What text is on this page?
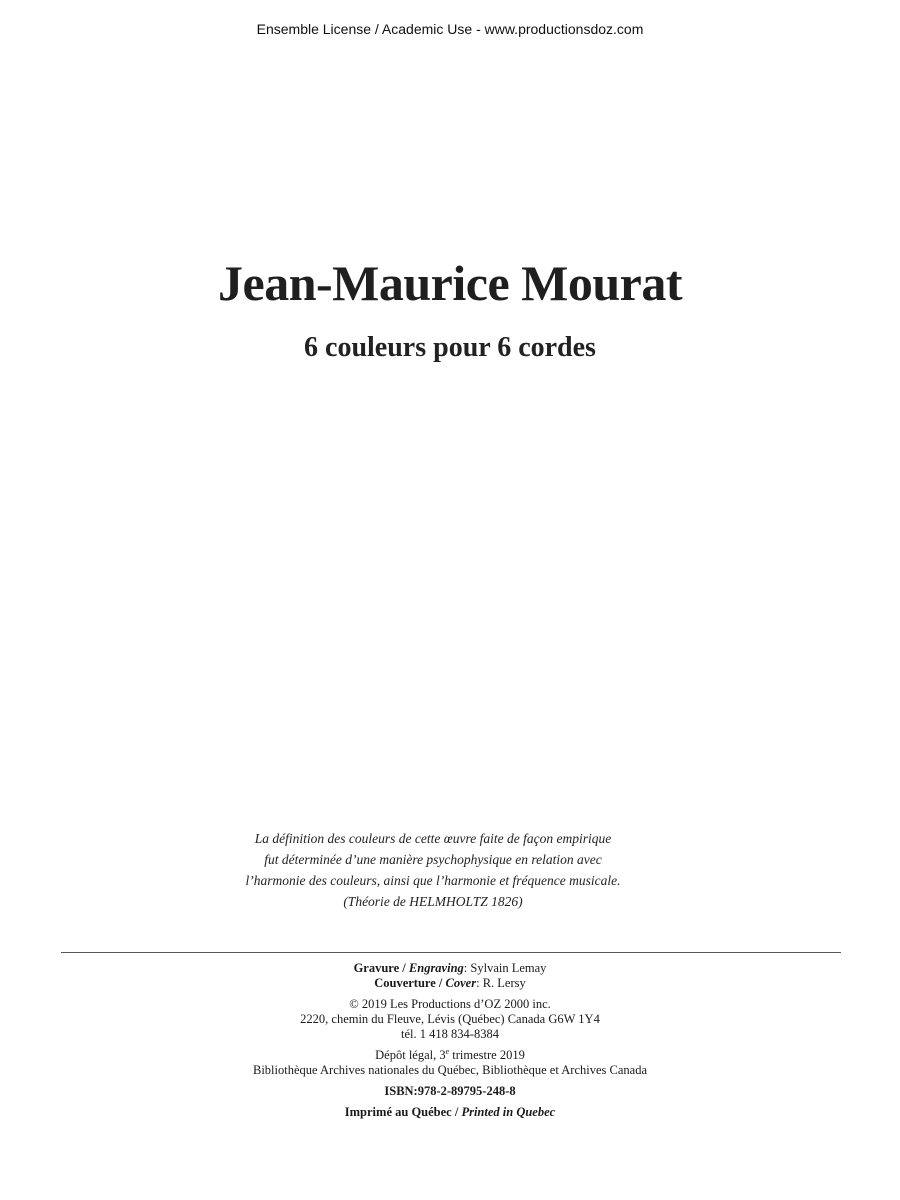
Ensemble License / Academic Use - www.productionsdoz.com
Jean-Maurice Mourat
6 couleurs pour 6 cordes
La définition des couleurs de cette œuvre faite de façon empirique
fut déterminée d’une manière psychophysique en relation avec
l’harmonie des couleurs, ainsi que l’harmonie et fréquence musicale.
(Théorie de HELMHOLTZ 1826)
Gravure / Engraving: Sylvain Lemay
Couverture / Cover: R. Lersy
© 2019 Les Productions d’OZ 2000 inc.
2220, chemin du Fleuve, Lévis (Québec) Canada G6W 1Y4
tél. 1 418 834-8384
Dépôt légal, 3e trimestre 2019
Bibliothèque Archives nationales du Québec, Bibliothèque et Archives Canada
ISBN:978-2-89795-248-8
Imprimé au Québec / Printed in Quebec
